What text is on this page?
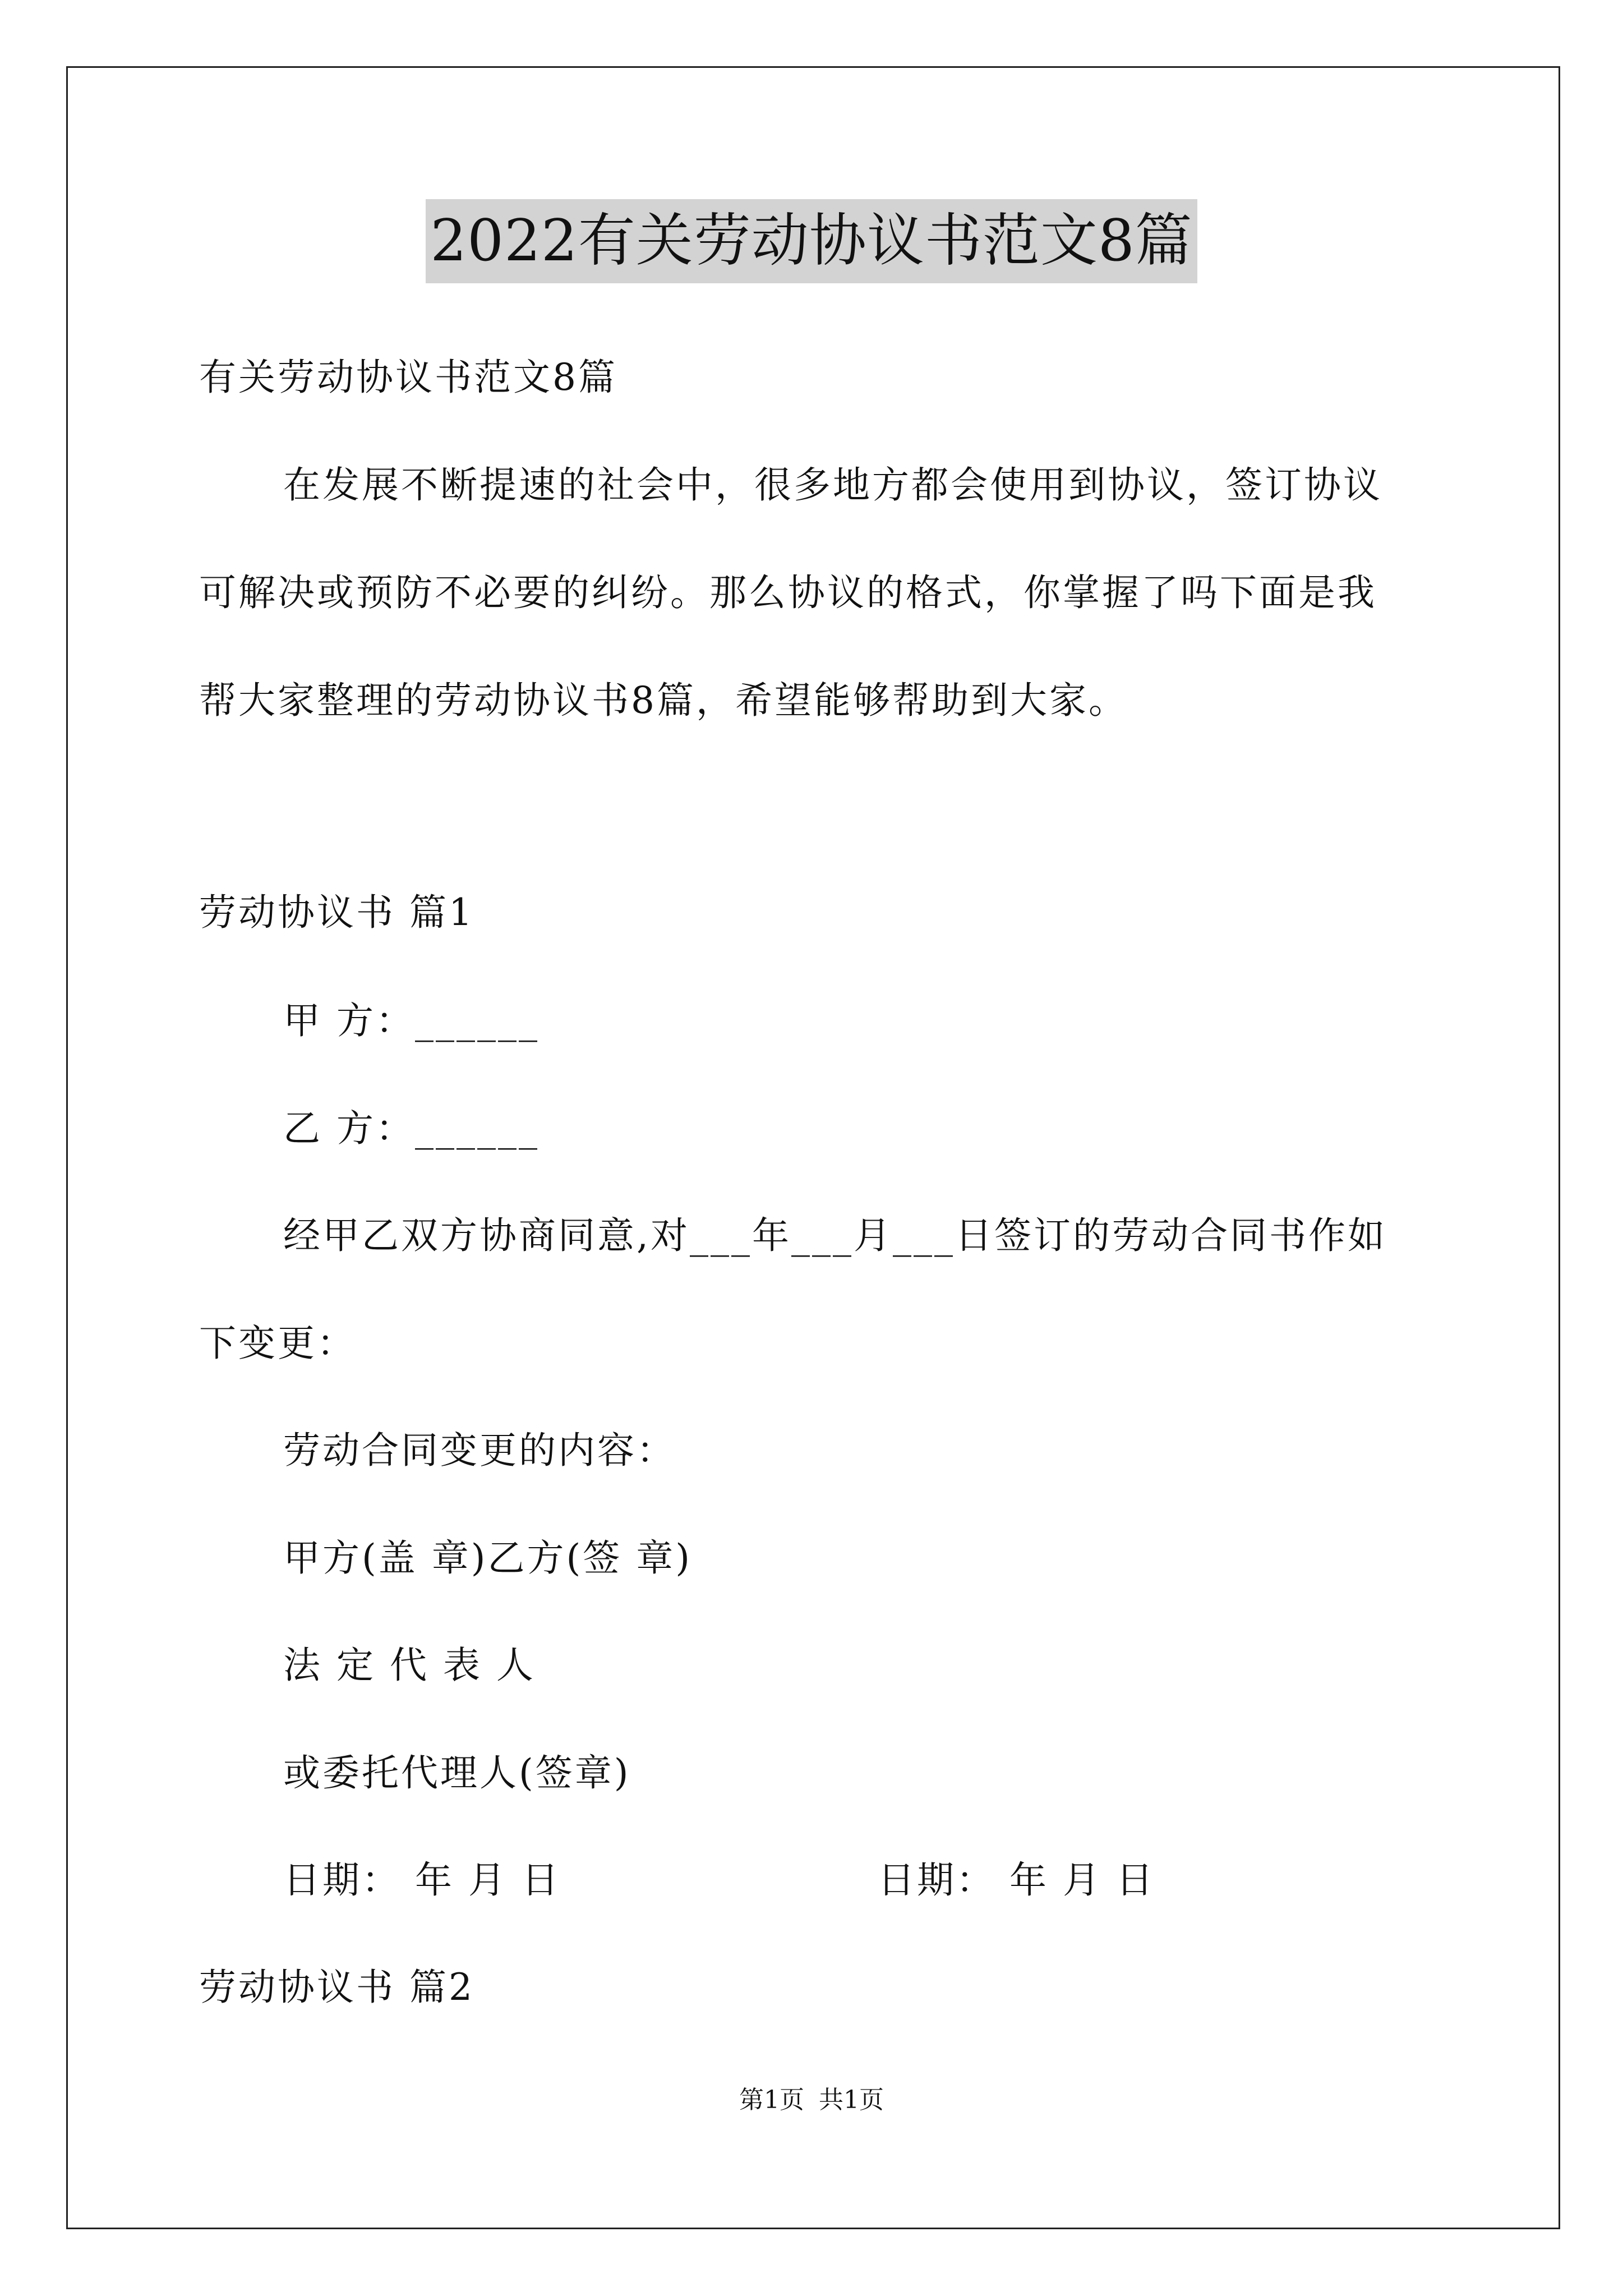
2022有关劳动协议书范文8篇
有关劳动协议书范文8篇
在发展不断提速的社会中，很多地方都会使用到协议，签订协议
可解决或预防不必要的纠纷。那么协议的格式，你掌握了吗下面是我
帮大家整理的劳动协议书8篇，希望能够帮助到大家。
劳动协议书 篇1
甲 方：______
乙 方：______
经甲乙双方协商同意,对___年___月___日签订的劳动合同书作如
下变更：
劳动合同变更的内容：
甲方(盖 章)乙方(签 章)
法 定 代 表 人
或委托代理人(签章)
日期： 年 月 日	日期： 年 月 日
劳动协议书 篇2
第1页 共1页
